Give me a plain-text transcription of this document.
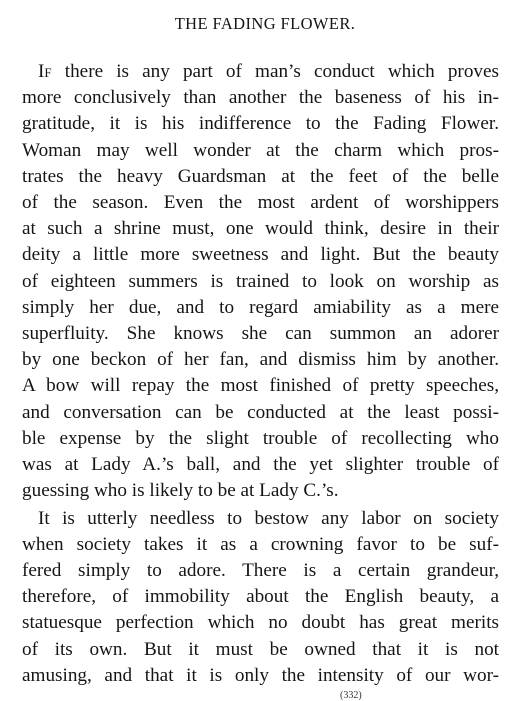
THE FADING FLOWER.
If there is any part of man’s conduct which proves
more conclusively than another the baseness of his in-
gratitude, it is his indifference to the Fading Flower.
Woman may well wonder at the charm which pros-
trates the heavy Guardsman at the feet of the belle
of the season. Even the most ardent of worshippers
at such a shrine must, one would think, desire in their
deity a little more sweetness and light. But the beauty
of eighteen summers is trained to look on worship as
simply her due, and to regard amiability as a mere
superfluity. She knows she can summon an adorer
by one beckon of her fan, and dismiss him by another.
A bow will repay the most finished of pretty speeches,
and conversation can be conducted at the least possi-
ble expense by the slight trouble of recollecting who
was at Lady A.’s ball, and the yet slighter trouble of
guessing who is likely to be at Lady C.’s.
It is utterly needless to bestow any labor on society
when society takes it as a crowning favor to be suf-
fered simply to adore. There is a certain grandeur,
therefore, of immobility about the English beauty, a
statuesque perfection which no doubt has great merits
of its own. But it must be owned that it is not
amusing, and that it is only the intensity of our wor-
(332)
